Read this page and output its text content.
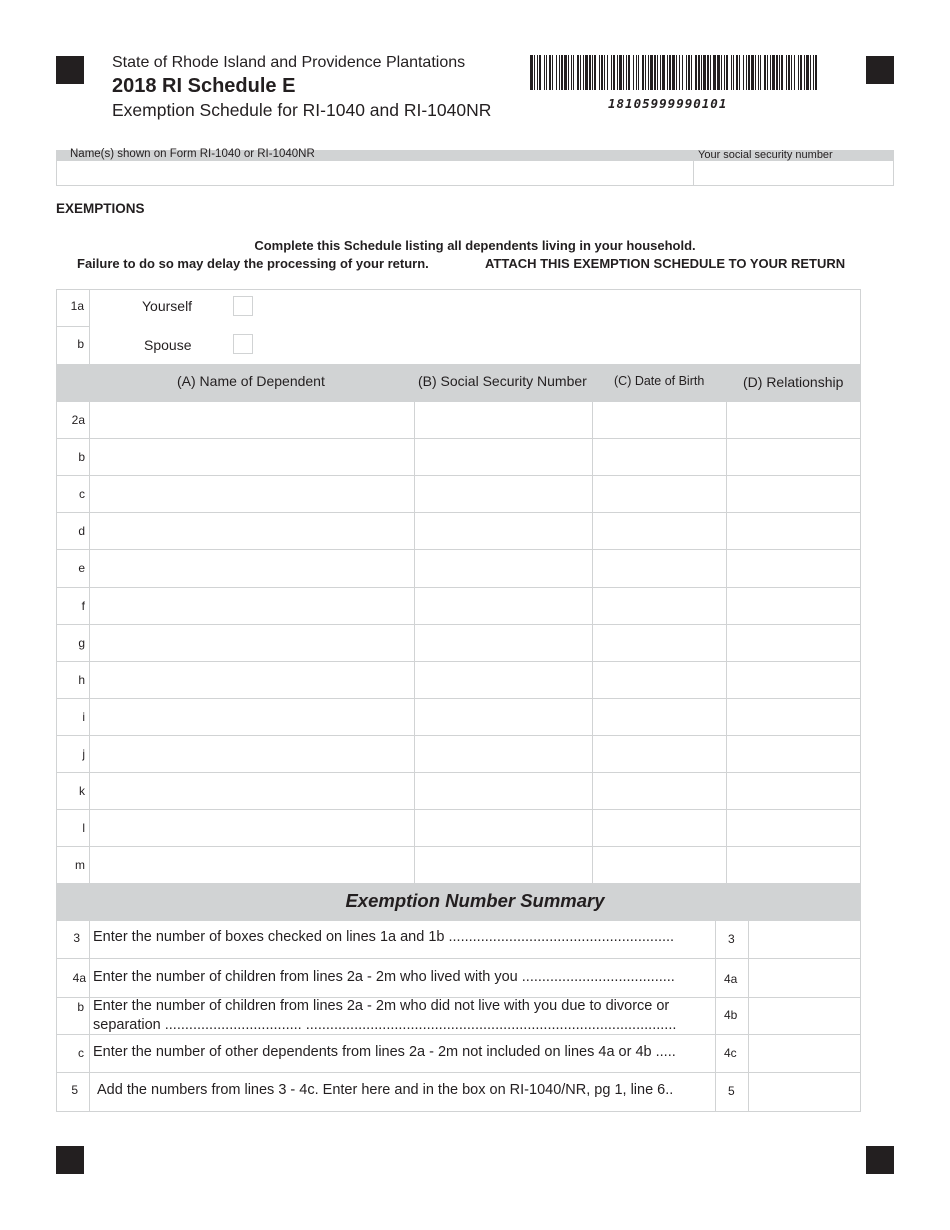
State of Rhode Island and Providence Plantations
2018 RI Schedule E
Exemption Schedule for RI-1040 and RI-1040NR	18105999990101
Name(s) shown on Form RI-1040 or RI-1040NR	Your social security number
EXEMPTIONS
Complete this Schedule listing all dependents living in your household.
Failure to do so may delay the processing of your return.	ATTACH THIS EXEMPTION SCHEDULE TO YOUR RETURN
1a	Yourself
b	Spouse
(A) Name of Dependent	(B) Social Security Number (C) Date of Birth	(D) Relationship
2a
b
c
d
e
f
g
h
i
j
k
l
m
Exemption Number Summary
3 Enter the number of boxes checked on lines 1a and 1b ........................................................	3
4a Enter the number of children from lines 2a - 2m who lived with you ......................................	4a
b Enter the number of children from lines 2a - 2m who did not live with you due to divorce or
separation .................................. ............................................................................................
4b
c Enter the number of other dependents from lines 2a - 2m not included on lines 4a or 4b .....	4c
5 Add the numbers from lines 3 - 4c. Enter here and in the box on RI-1040/NR, pg 1, line 6..	5
